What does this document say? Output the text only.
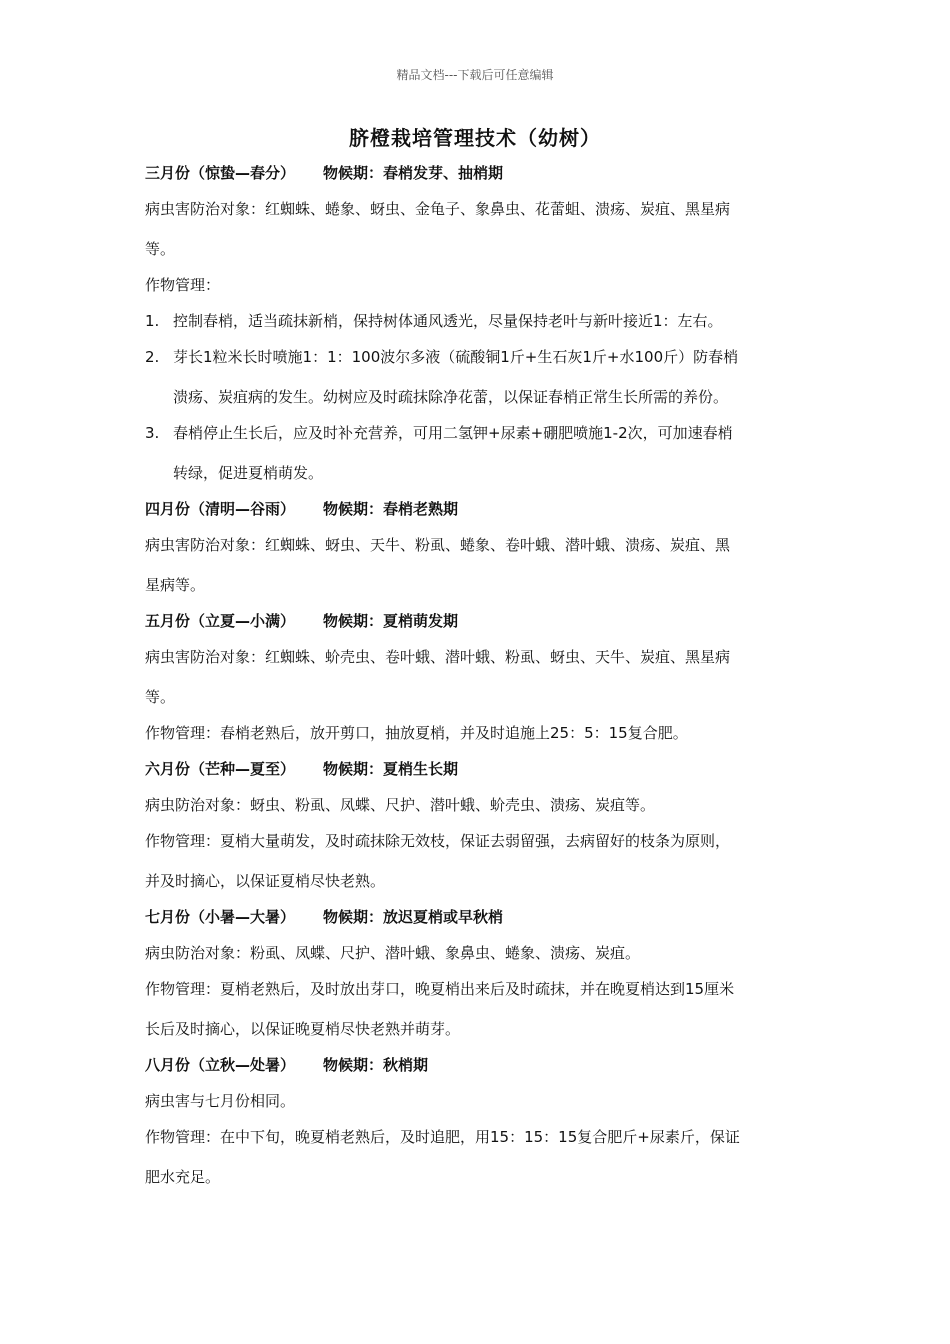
精品文档---下载后可任意编辑
脐橙栽培管理技术（幼树）
三月份（惊蛰—春分） 物候期：春梢发芽、抽梢期
病虫害防治对象：红蜘蛛、蜷象、蚜虫、金龟子、象鼻虫、花蕾蛆、溃疡、炭疽、黑星病
等。
作物管理：
1. 控制春梢，适当疏抹新梢，保持树体通风透光，尽量保持老叶与新叶接近1：左右。
2. 芽长1粒米长时喷施1：1：100波尔多液（硫酸铜1斤+生石灰1斤+水100斤）防春梢
溃疡、炭疽病的发生。幼树应及时疏抹除净花蕾，以保证春梢正常生长所需的养份。
3. 春梢停止生长后，应及时补充营养，可用二氢钾+尿素+硼肥喷施1-2次，可加速春梢
转绿，促进夏梢萌发。
四月份（清明—谷雨） 物候期：春梢老熟期
病虫害防治对象：红蜘蛛、蚜虫、天牛、粉虱、蜷象、卷叶蛾、潜叶蛾、溃疡、炭疽、黑
星病等。
五月份（立夏—小满） 物候期：夏梢萌发期
病虫害防治对象：红蜘蛛、蚧壳虫、卷叶蛾、潜叶蛾、粉虱、蚜虫、天牛、炭疽、黑星病
等。
作物管理：春梢老熟后，放开剪口，抽放夏梢，并及时追施上25：5：15复合肥。
六月份（芒种—夏至） 物候期：夏梢生长期
病虫防治对象：蚜虫、粉虱、凤蝶、尺护、潜叶蛾、蚧壳虫、溃疡、炭疽等。
作物管理：夏梢大量萌发，及时疏抹除无效枝，保证去弱留强，去病留好的枝条为原则，
并及时摘心，以保证夏梢尽快老熟。
七月份（小暑—大暑） 物候期：放迟夏梢或早秋梢
病虫防治对象：粉虱、凤蝶、尺护、潜叶蛾、象鼻虫、蜷象、溃疡、炭疽。
作物管理：夏梢老熟后，及时放出芽口，晚夏梢出来后及时疏抹，并在晚夏梢达到15厘米
长后及时摘心，以保证晚夏梢尽快老熟并萌芽。
八月份（立秋—处暑） 物候期：秋梢期
病虫害与七月份相同。
作物管理：在中下旬，晚夏梢老熟后，及时追肥，用15：15：15复合肥斤+尿素斤，保证
肥水充足。
